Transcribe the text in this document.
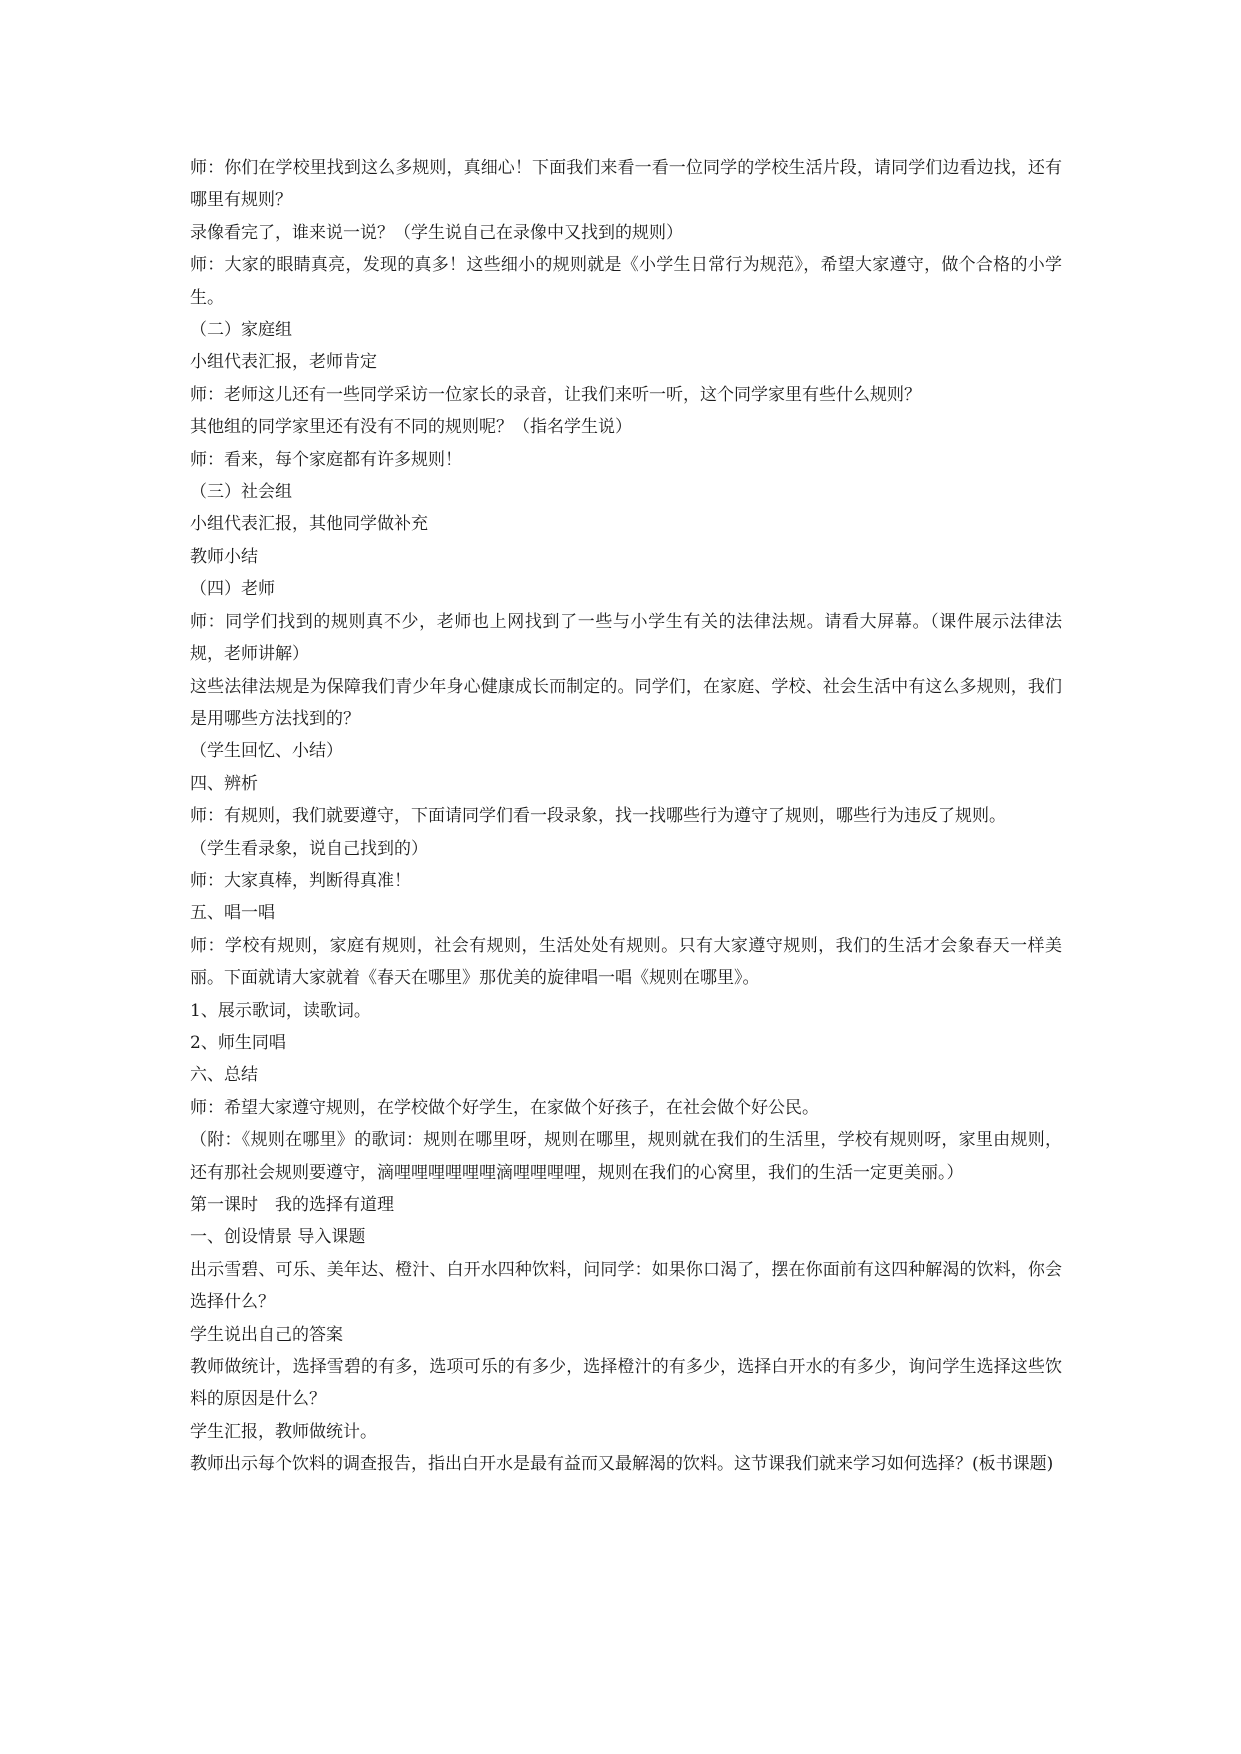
师：你们在学校里找到这么多规则，真细心！下面我们来看一看一位同学的学校生活片段，请同学们边看边找，还有哪里有规则？

录像看完了，谁来说一说？（学生说自己在录像中又找到的规则）

师：大家的眼睛真亮，发现的真多！这些细小的规则就是《小学生日常行为规范》，希望大家遵守，做个合格的小学生。

（二）家庭组

小组代表汇报，老师肯定

师：老师这儿还有一些同学采访一位家长的录音，让我们来听一听，这个同学家里有些什么规则？

其他组的同学家里还有没有不同的规则呢？（指名学生说）

师：看来，每个家庭都有许多规则！

（三）社会组

小组代表汇报，其他同学做补充

教师小结

（四）老师

师：同学们找到的规则真不少，老师也上网找到了一些与小学生有关的法律法规。请看大屏幕。（课件展示法律法规，老师讲解）

这些法律法规是为保障我们青少年身心健康成长而制定的。同学们，在家庭、学校、社会生活中有这么多规则，我们是用哪些方法找到的？

（学生回忆、小结）

四、辨析

师：有规则，我们就要遵守，下面请同学们看一段录象，找一找哪些行为遵守了规则，哪些行为违反了规则。

（学生看录象，说自己找到的）

师：大家真棒，判断得真准！

五、唱一唱

师：学校有规则，家庭有规则，社会有规则，生活处处有规则。只有大家遵守规则，我们的生活才会象春天一样美丽。下面就请大家就着《春天在哪里》那优美的旋律唱一唱《规则在哪里》。

1、展示歌词，读歌词。

2、师生同唱

六、总结

师：希望大家遵守规则，在学校做个好学生，在家做个好孩子，在社会做个好公民。

（附：《规则在哪里》的歌词：规则在哪里呀，规则在哪里，规则就在我们的生活里，学校有规则呀，家里由规则，还有那社会规则要遵守，滴哩哩哩哩哩哩滴哩哩哩哩，规则在我们的心窝里，我们的生活一定更美丽。）

第一课时　我的选择有道理

一、创设情景 导入课题

出示雪碧、可乐、美年达、橙汁、白开水四种饮料，问同学：如果你口渴了，摆在你面前有这四种解渴的饮料，你会选择什么？

学生说出自己的答案

教师做统计，选择雪碧的有多，选项可乐的有多少，选择橙汁的有多少，选择白开水的有多少，询问学生选择这些饮料的原因是什么？

学生汇报，教师做统计。

教师出示每个饮料的调查报告，指出白开水是最有益而又最解渴的饮料。这节课我们就来学习如何选择？(板书课题)
